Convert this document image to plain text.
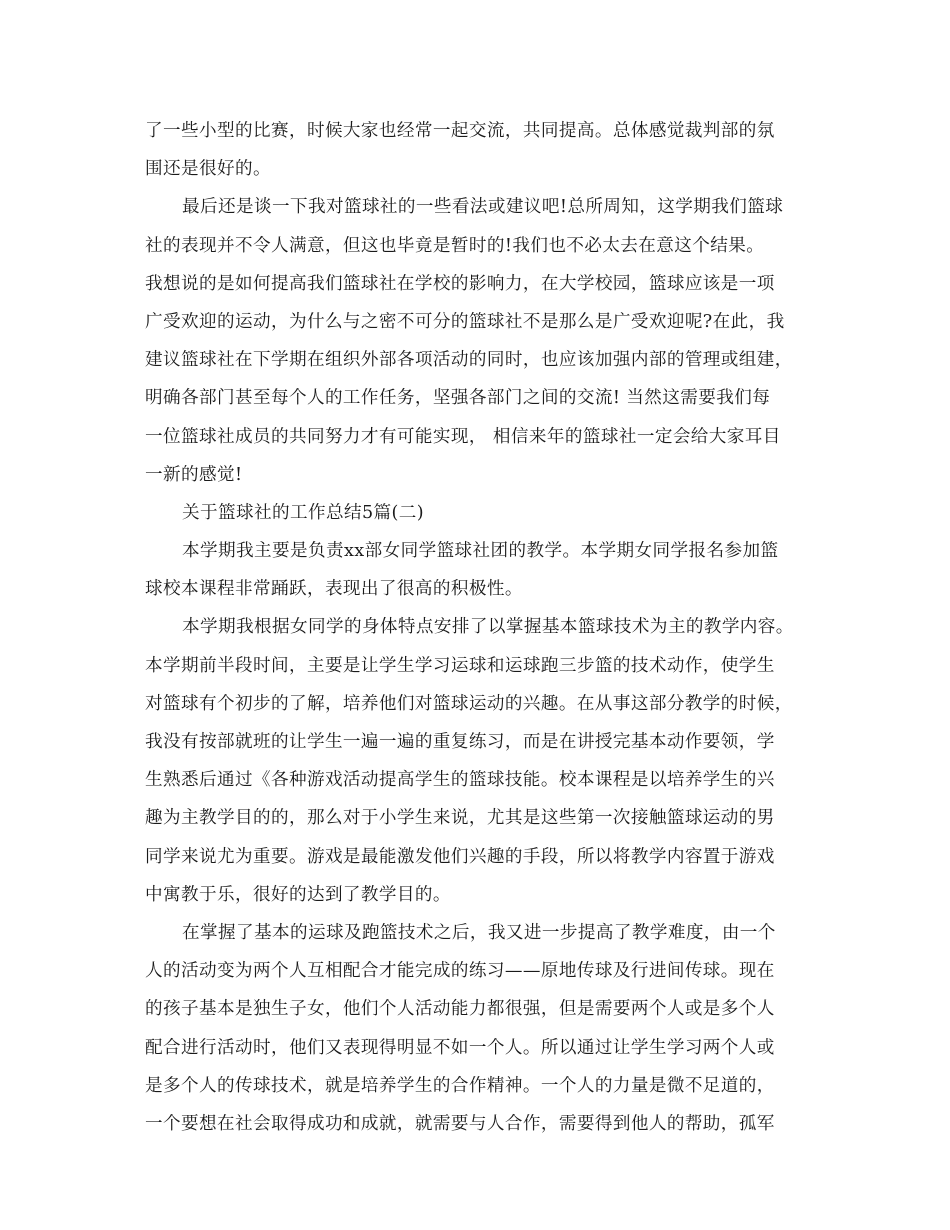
了一些小型的比赛，时候大家也经常一起交流，共同提高。总体感觉裁判部的氛
围还是很好的。
最后还是谈一下我对篮球社的一些看法或建议吧!总所周知，这学期我们篮球
社的表现并不令人满意，但这也毕竟是暂时的!我们也不必太去在意这个结果。
我想说的是如何提高我们篮球社在学校的影响力，在大学校园，篮球应该是一项
广受欢迎的运动，为什么与之密不可分的篮球社不是那么是广受欢迎呢?在此，我
建议篮球社在下学期在组织外部各项活动的同时，也应该加强内部的管理或组建，
明确各部门甚至每个人的工作任务，坚强各部门之间的交流! 当然这需要我们每
一位篮球社成员的共同努力才有可能实现， 相信来年的篮球社一定会给大家耳目
一新的感觉!
关于篮球社的工作总结5篇(二)
本学期我主要是负责xx部女同学篮球社团的教学。本学期女同学报名参加篮
球校本课程非常踊跃，表现出了很高的积极性。
本学期我根据女同学的身体特点安排了以掌握基本篮球技术为主的教学内容。
本学期前半段时间，主要是让学生学习运球和运球跑三步篮的技术动作，使学生
对篮球有个初步的了解，培养他们对篮球运动的兴趣。在从事这部分教学的时候，
我没有按部就班的让学生一遍一遍的重复练习，而是在讲授完基本动作要领，学
生熟悉后通过《各种游戏活动提高学生的篮球技能。校本课程是以培养学生的兴
趣为主教学目的的，那么对于小学生来说，尤其是这些第一次接触篮球运动的男
同学来说尤为重要。游戏是最能激发他们兴趣的手段，所以将教学内容置于游戏
中寓教于乐，很好的达到了教学目的。
在掌握了基本的运球及跑篮技术之后，我又进一步提高了教学难度，由一个
人的活动变为两个人互相配合才能完成的练习——原地传球及行进间传球。现在
的孩子基本是独生子女，他们个人活动能力都很强，但是需要两个人或是多个人
配合进行活动时，他们又表现得明显不如一个人。所以通过让学生学习两个人或
是多个人的传球技术，就是培养学生的合作精神。一个人的力量是微不足道的，
一个要想在社会取得成功和成就，就需要与人合作，需要得到他人的帮助，孤军
